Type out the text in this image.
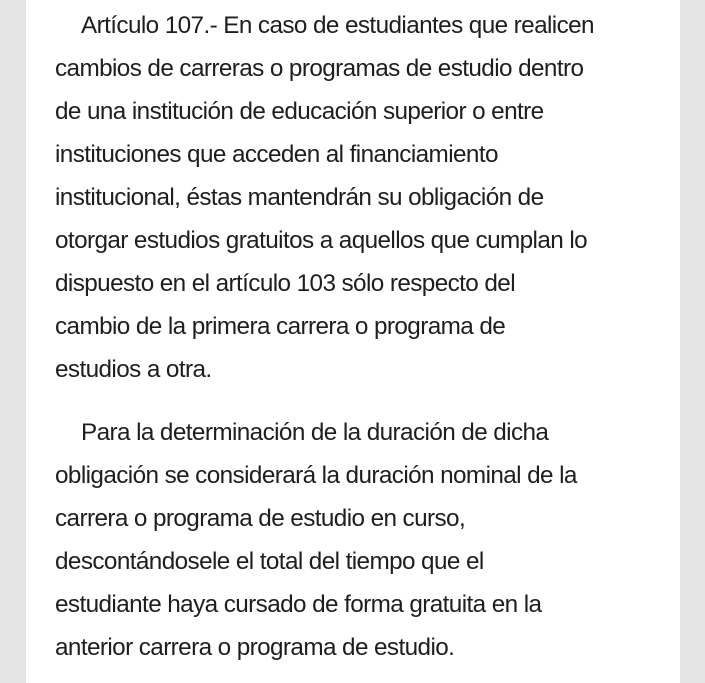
Artículo 107.- En caso de estudiantes que realicen
cambios de carreras o programas de estudio dentro
de una institución de educación superior o entre
instituciones que acceden al financiamiento
institucional, éstas mantendrán su obligación de
otorgar estudios gratuitos a aquellos que cumplan lo
dispuesto en el artículo 103 sólo respecto del
cambio de la primera carrera o programa de
estudios a otra.

Para la determinación de la duración de dicha
obligación se considerará la duración nominal de la
carrera o programa de estudio en curso,
descontándosele el total del tiempo que el
estudiante haya cursado de forma gratuita en la
anterior carrera o programa de estudio.
